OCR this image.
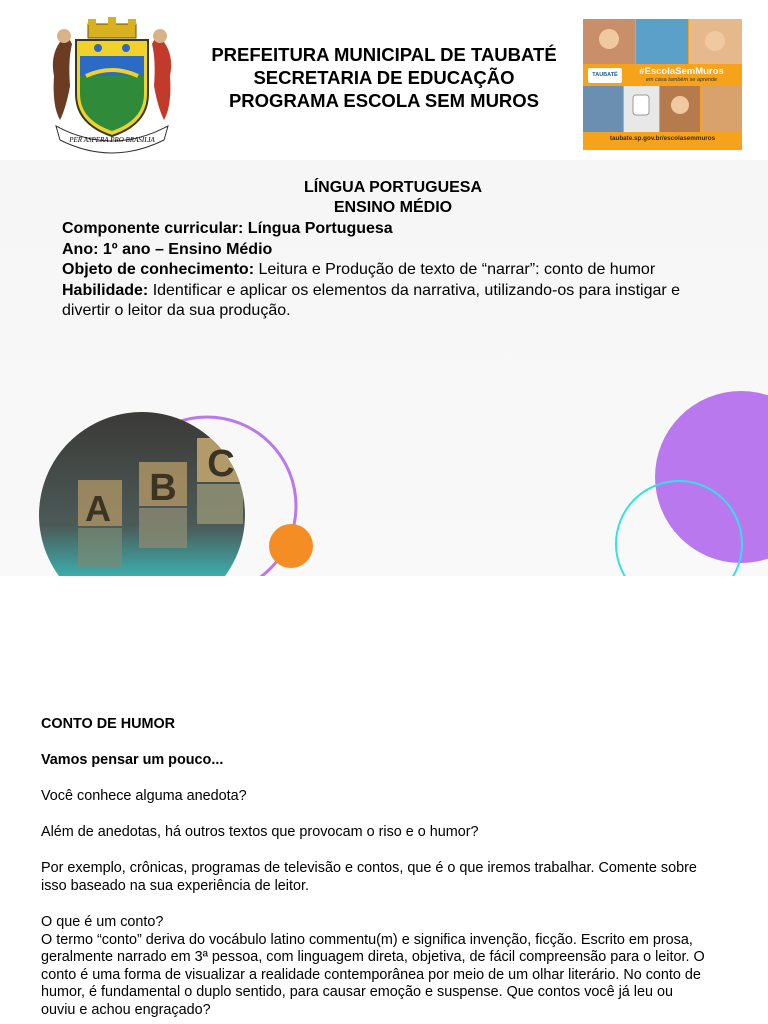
PER ASPERA PRO BRASILIA
PREFEITURA MUNICIPAL DE TAUBATÉ
SECRETARIA DE EDUCAÇÃO
PROGRAMA ESCOLA SEM MUROS
TAUBATÉ	#EscolaSemMuros
em casa também se aprende
taubate.sp.gov.br/escolasemmuros
A B
C
LÍNGUA PORTUGUESA
ENSINO MÉDIO
Componente curricular: Língua Portuguesa
Ano: 1º ano – Ensino Médio
Objeto de conhecimento: Leitura e Produção de texto de “narrar”: conto de humor
Habilidade: Identificar e aplicar os elementos da narrativa, utilizando-os para instigar e
divertir o leitor da sua produção.

CONTO DE HUMOR

Vamos pensar um pouco...

Você conhece alguma anedota?

Além de anedotas, há outros textos que provocam o riso e o humor?

Por exemplo, crônicas, programas de televisão e contos, que é o que iremos trabalhar. Comente sobre

isso baseado na sua experiência de leitor.

O que é um conto?

O termo “conto” deriva do vocábulo latino commentu(m) e significa invenção, ficção. Escrito em prosa,

geralmente narrado em 3ª pessoa, com linguagem direta, objetiva, de fácil compreensão para o leitor. O

conto é uma forma de visualizar a realidade contemporânea por meio de um olhar literário. No conto de

humor, é fundamental o duplo sentido, para causar emoção e suspense. Que contos você já leu ou

ouviu e achou engraçado?
